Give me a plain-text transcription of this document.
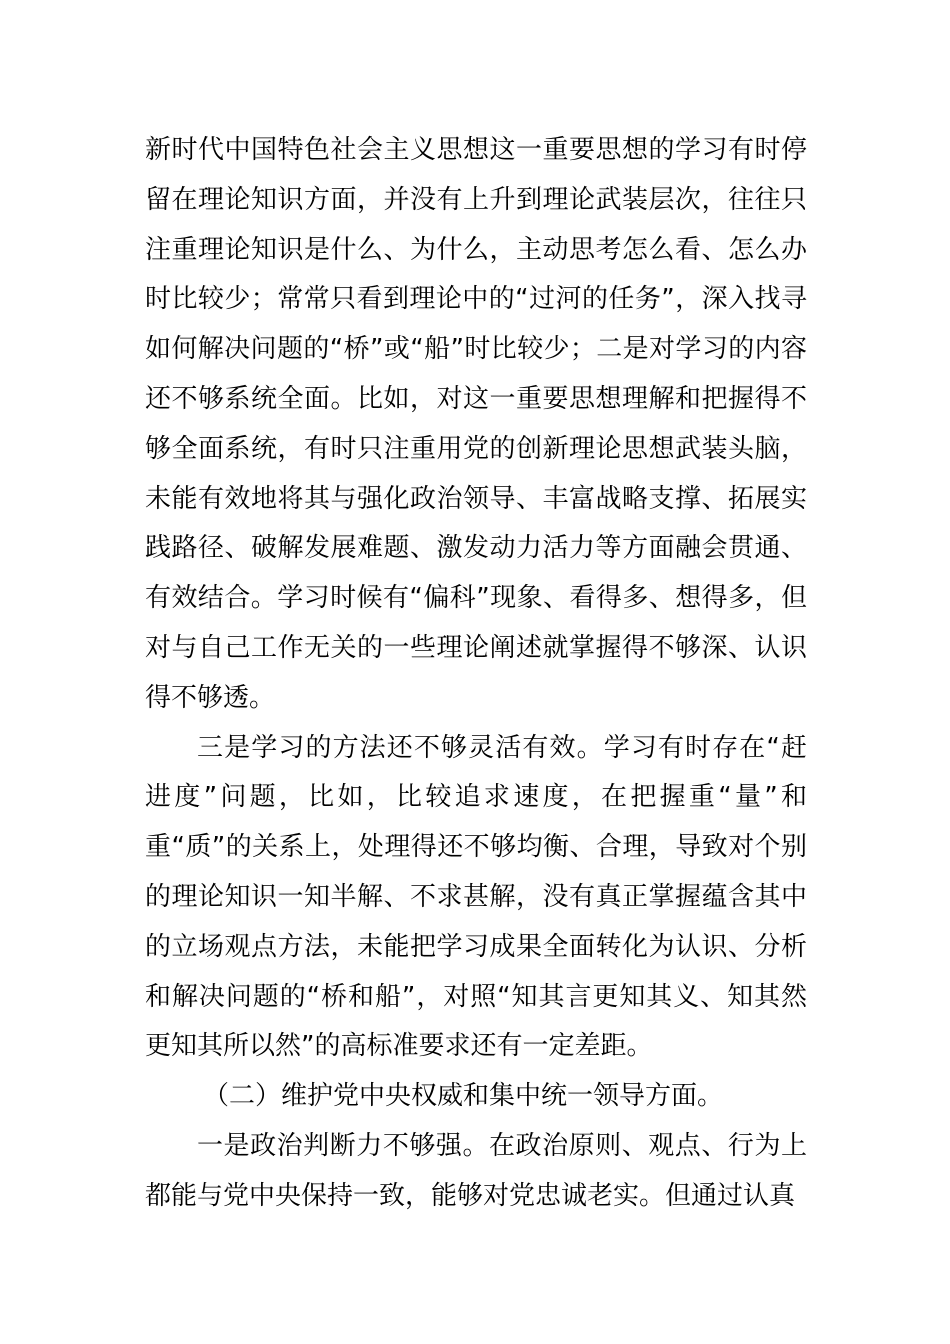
新时代中国特色社会主义思想这一重要思想的学习有时停留在理论知识方面，并没有上升到理论武装层次，往往只注重理论知识是什么、为什么，主动思考怎么看、怎么办时比较少；常常只看到理论中的“过河的任务”，深入找寻如何解决问题的“桥”或“船”时比较少；二是对学习的内容还不够系统全面。比如，对这一重要思想理解和把握得不够全面系统，有时只注重用党的创新理论思想武装头脑，未能有效地将其与强化政治领导、丰富战略支撑、拓展实践路径、破解发展难题、激发动力活力等方面融会贯通、有效结合。学习时候有“偏科”现象、看得多、想得多，但对与自己工作无关的一些理论阐述就掌握得不够深、认识得不够透。

三是学习的方法还不够灵活有效。学习有时存在“赶进度”问题，比如，比较追求速度，在把握重“量”和重“质”的关系上，处理得还不够均衡、合理，导致对个别的理论知识一知半解、不求甚解，没有真正掌握蕴含其中的立场观点方法，未能把学习成果全面转化为认识、分析和解决问题的“桥和船”，对照“知其言更知其义、知其然更知其所以然”的高标准要求还有一定差距。

（二）维护党中央权威和集中统一领导方面。

一是政治判断力不够强。在政治原则、观点、行为上都能与党中央保持一致，能够对党忠诚老实。但通过认真
